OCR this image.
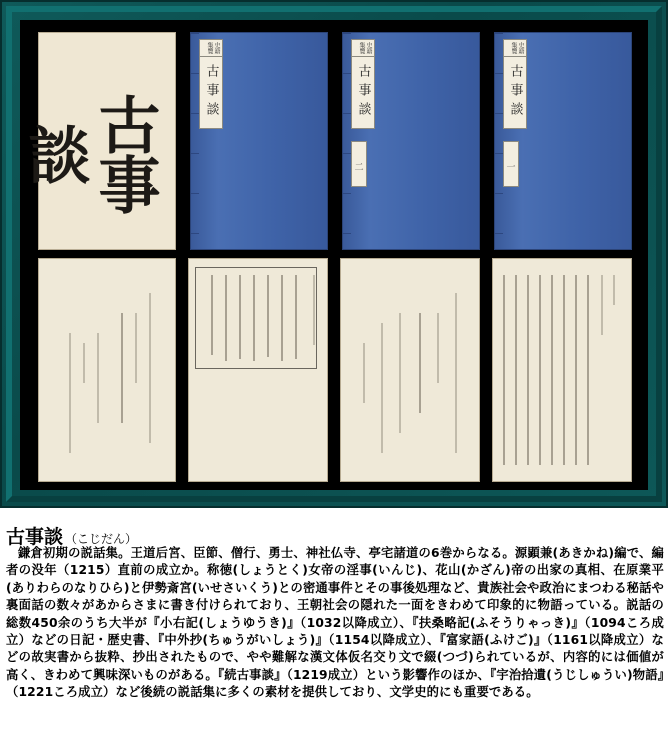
古事談
史籍集覽
古事談
史籍集覽
古事談
二
史籍集覽
古事談
一
古事談 （こじだん）
鎌倉初期の説話集。王道后宮、臣節、僧行、勇士、神社仏寺、亭宅諸道の6巻からなる。源顕兼(あきかね)編で、編者の没年（1215）直前の成立か。称徳(しょうとく)女帝の淫事(いんじ)、花山(かざん)帝の出家の真相、在原業平(ありわらのなりひら)と伊勢斎宮(いせさいくう)との密通事件とその事後処理など、貴族社会や政治にまつわる秘話や裏面話の数々があからさまに書き付けられており、王朝社会の隠れた一面をきわめて印象的に物語っている。説話の総数450余のうち大半が『小右記(しょうゆうき)』（1032以降成立）、『扶桑略記(ふそうりゃっき)』（1094ころ成立）などの日記・歴史書、『中外抄(ちゅうがいしょう)』（1154以降成立）、『富家語(ふけご)』（1161以降成立）などの故実書から抜粋、抄出されたもので、やや難解な漢文体仮名交り文で綴(つづ)られているが、内容的には価値が高く、きわめて興味深いものがある。『続古事談』（1219成立）という影響作のほか、『宇治拾遺(うじしゅうい)物語』（1221ころ成立）など後続の説話集に多くの素材を提供しており、文学史的にも重要である。
